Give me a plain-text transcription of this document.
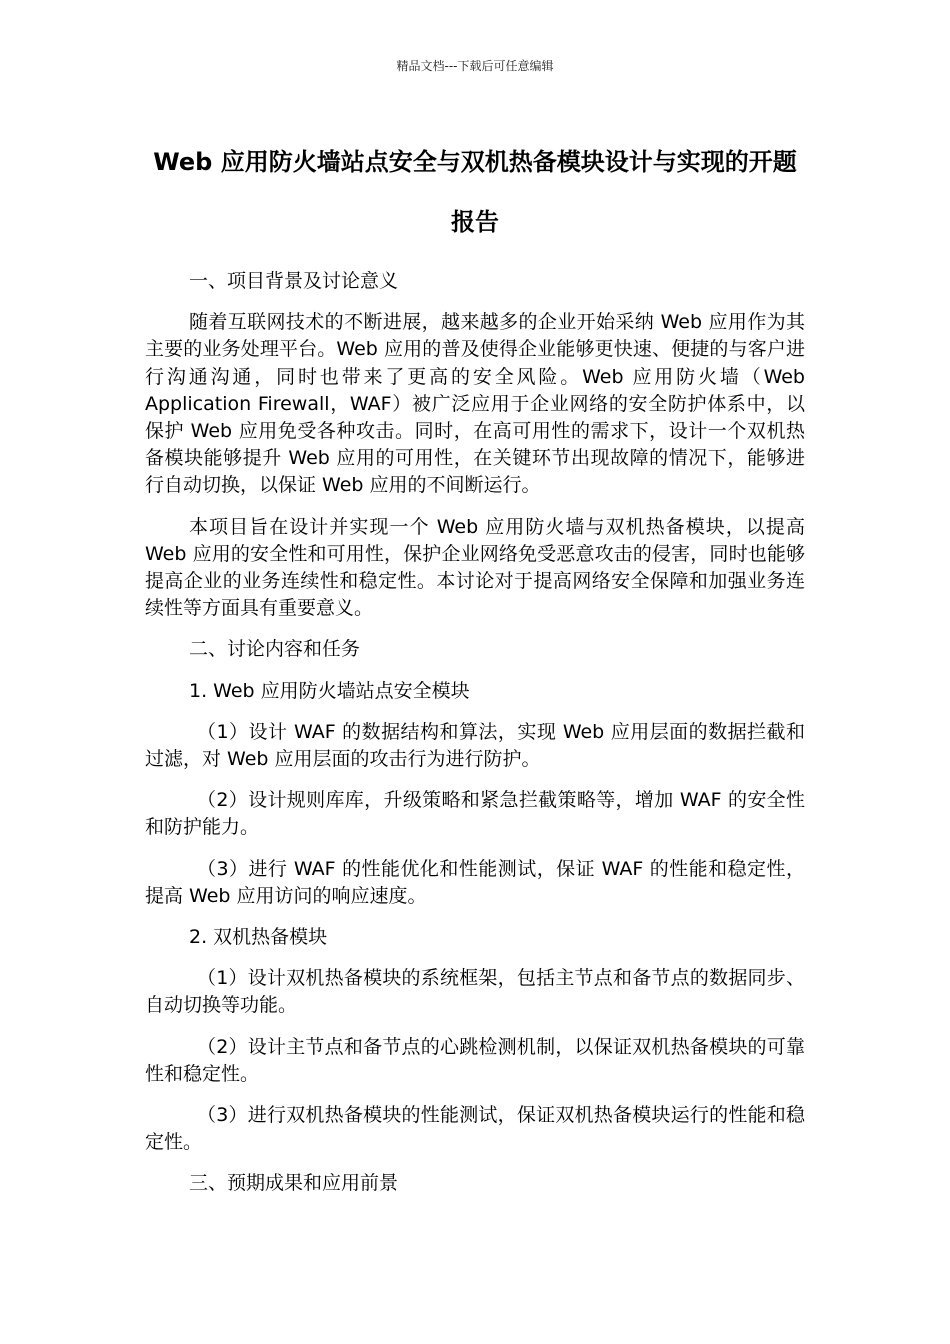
精品文档---下载后可任意编辑
Web 应用防火墙站点安全与双机热备模块设计与实现的开题报告

一、项目背景及讨论意义

随着互联网技术的不断进展，越来越多的企业开始采纳 Web 应用作为其主要的业务处理平台。Web 应用的普及使得企业能够更快速、便捷的与客户进行沟通沟通，同时也带来了更高的安全风险。Web 应用防火墙（Web Application Firewall，WAF）被广泛应用于企业网络的安全防护体系中，以保护 Web 应用免受各种攻击。同时，在高可用性的需求下，设计一个双机热备模块能够提升 Web 应用的可用性，在关键环节出现故障的情况下，能够进行自动切换，以保证 Web 应用的不间断运行。

本项目旨在设计并实现一个 Web 应用防火墙与双机热备模块，以提高 Web 应用的安全性和可用性，保护企业网络免受恶意攻击的侵害，同时也能够提高企业的业务连续性和稳定性。本讨论对于提高网络安全保障和加强业务连续性等方面具有重要意义。

二、讨论内容和任务

1. Web 应用防火墙站点安全模块

（1）设计 WAF 的数据结构和算法，实现 Web 应用层面的数据拦截和过滤，对 Web 应用层面的攻击行为进行防护。

（2）设计规则库库，升级策略和紧急拦截策略等，增加 WAF 的安全性和防护能力。

（3）进行 WAF 的性能优化和性能测试，保证 WAF 的性能和稳定性，提高 Web 应用访问的响应速度。

2. 双机热备模块

（1）设计双机热备模块的系统框架，包括主节点和备节点的数据同步、自动切换等功能。

（2）设计主节点和备节点的心跳检测机制，以保证双机热备模块的可靠性和稳定性。

（3）进行双机热备模块的性能测试，保证双机热备模块运行的性能和稳定性。

三、预期成果和应用前景
